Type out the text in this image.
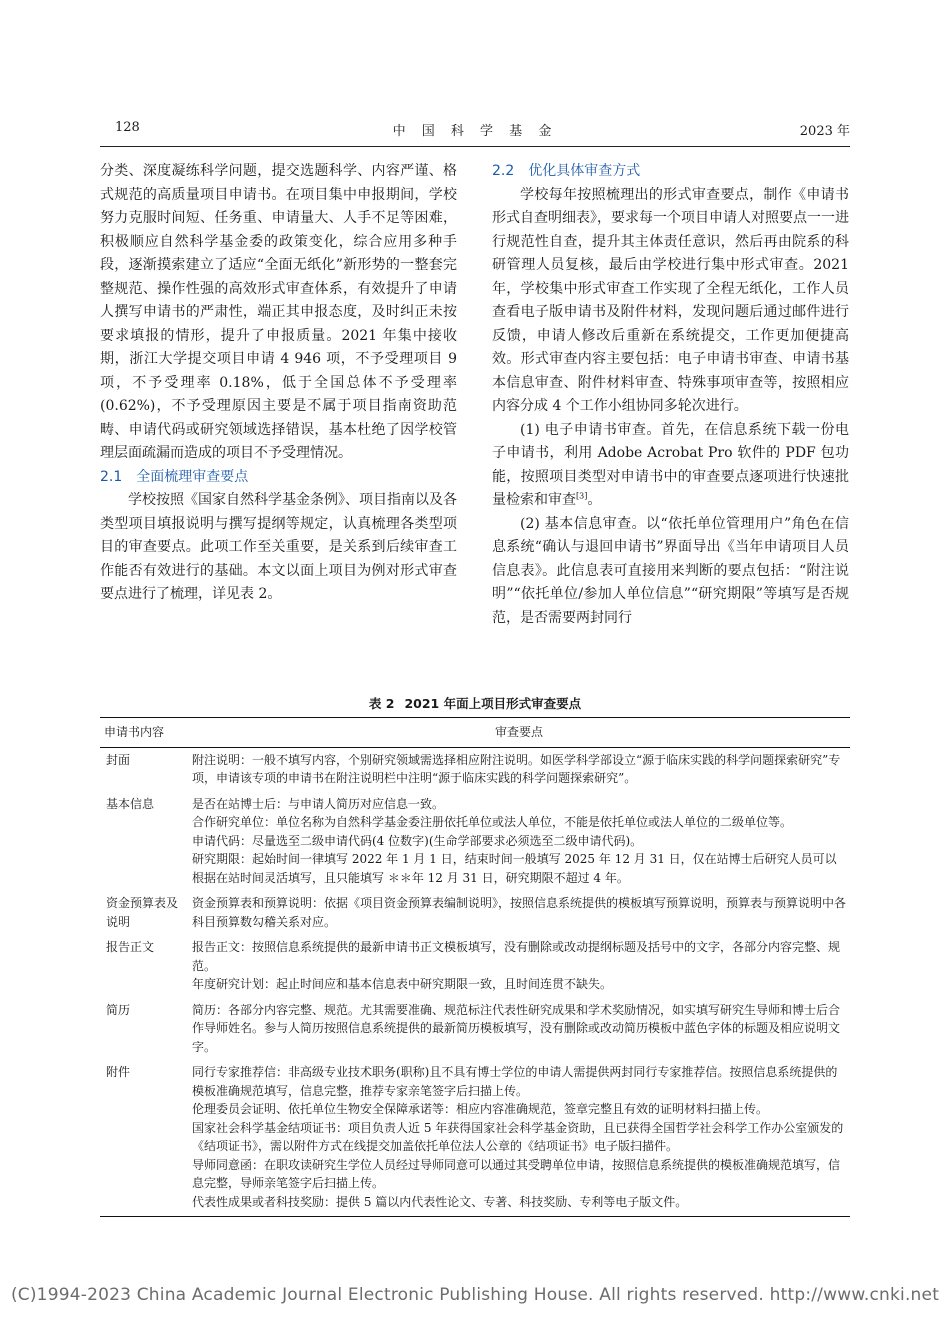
128	中 国 科 学 基 金	2023 年

分类、深度凝练科学问题，提交选题科学、内容严谨、格式规范的高质量项目申请书。在项目集中申报期间，学校努力克服时间短、任务重、申请量大、人手不足等困难，积极顺应自然科学基金委的政策变化，综合应用多种手段，逐渐摸索建立了适应“全面无纸化”新形势的一整套完整规范、操作性强的高效形式审查体系，有效提升了申请人撰写申请书的严肃性，端正其申报态度，及时纠正未按要求填报的情形，提升了申报质量。2021 年集中接收期，浙江大学提交项目申请 4 946 项，不予受理项目 9 项，不予受理率 0.18%，低于全国总体不予受理率(0.62%)，不予受理原因主要是不属于项目指南资助范畴、申请代码或研究领域选择错误，基本杜绝了因学校管理层面疏漏而造成的项目不予受理情况。

2.1　全面梳理审查要点

学校按照《国家自然科学基金条例》、项目指南以及各类型项目填报说明与撰写提纲等规定，认真梳理各类型项目的审查要点。此项工作至关重要，是关系到后续审查工作能否有效进行的基础。本文以面上项目为例对形式审查要点进行了梳理，详见表 2。

2.2　优化具体审查方式

学校每年按照梳理出的形式审查要点，制作《申请书形式自查明细表》，要求每一个项目申请人对照要点一一进行规范性自查，提升其主体责任意识，然后再由院系的科研管理人员复核，最后由学校进行集中形式审查。2021 年，学校集中形式审查工作实现了全程无纸化，工作人员查看电子版申请书及附件材料，发现问题后通过邮件进行反馈，申请人修改后重新在系统提交，工作更加便捷高效。形式审查内容主要包括：电子申请书审查、申请书基本信息审查、附件材料审查、特殊事项审查等，按照相应内容分成 4 个工作小组协同多轮次进行。

(1) 电子申请书审查。首先，在信息系统下载一份电子申请书，利用 Adobe Acrobat Pro 软件的 PDF 包功能，按照项目类型对申请书中的审查要点逐项进行快速批量检索和审查[3]。

(2) 基本信息审查。以“依托单位管理用户”角色在信息系统“确认与退回申请书”界面导出《当年申请项目人员信息表》。此信息表可直接用来判断的要点包括：“附注说明”“依托单位/参加人单位信息”“研究期限”等填写是否规范，是否需要两封同行

表 2 2021 年面上项目形式审查要点
申请书内容	审查要点
封面	附注说明：一般不填写内容，个别研究领域需选择相应附注说明。如医学科学部设立“源于临床实践的科学问题探索研究”专项，申请该专项的申请书在附注说明栏中注明“源于临床实践的科学问题探索研究”。

基本信息	是否在站博士后：与申请人简历对应信息一致。
合作研究单位：单位名称为自然科学基金委注册依托单位或法人单位，不能是依托单位或法人单位的二级单位等。
申请代码：尽量选至二级申请代码(4 位数字)(生命学部要求必须选至二级申请代码)。
研究期限：起始时间一律填写 2022 年 1 月 1 日，结束时间一般填写 2025 年 12 月 31 日，仅在站博士后研究人员可以根据在站时间灵活填写，且只能填写 ＊＊年 12 月 31 日，研究期限不超过 4 年。

资金预算表及说明	资金预算表和预算说明：依据《项目资金预算表编制说明》，按照信息系统提供的模板填写预算说明，预算表与预算说明中各科目预算数勾稽关系对应。

报告正文	报告正文：按照信息系统提供的最新申请书正文模板填写，没有删除或改动提纲标题及括号中的文字，各部分内容完整、规范。
年度研究计划：起止时间应和基本信息表中研究期限一致，且时间连贯不缺失。

简历	简历：各部分内容完整、规范。尤其需要准确、规范标注代表性研究成果和学术奖励情况，如实填写研究生导师和博士后合作导师姓名。参与人简历按照信息系统提供的最新简历模板填写，没有删除或改动简历模板中蓝色字体的标题及相应说明文字。

附件	同行专家推荐信：非高级专业技术职务(职称)且不具有博士学位的申请人需提供两封同行专家推荐信。按照信息系统提供的模板准确规范填写，信息完整，推荐专家亲笔签字后扫描上传。
伦理委员会证明、依托单位生物安全保障承诺等：相应内容准确规范，签章完整且有效的证明材料扫描上传。
国家社会科学基金结项证书：项目负责人近 5 年获得国家社会科学基金资助，且已获得全国哲学社会科学工作办公室颁发的《结项证书》，需以附件方式在线提交加盖依托单位法人公章的《结项证书》电子版扫描件。
导师同意函：在职攻读研究生学位人员经过导师同意可以通过其受聘单位申请，按照信息系统提供的模板准确规范填写，信息完整，导师亲笔签字后扫描上传。
代表性成果或者科技奖励：提供 5 篇以内代表性论文、专著、科技奖励、专利等电子版文件。
(C)1994-2023 China Academic Journal Electronic Publishing House. All rights reserved. http://www.cnki.net
